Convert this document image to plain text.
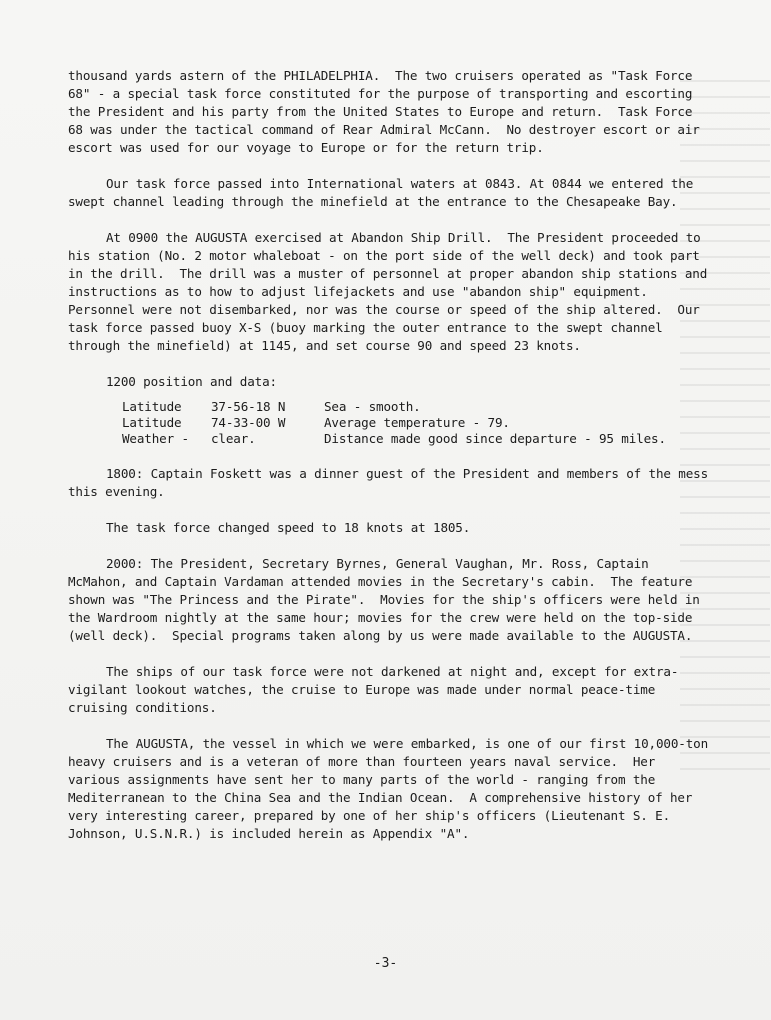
thousand yards astern of the PHILADELPHIA.  The two cruisers operated as "Task Force 68" - a special task force constituted for the purpose of transporting and escorting the President and his party from the United States to Europe and return.  Task Force 68 was under the tactical command of Rear Admiral McCann.  No destroyer escort or air escort was used for our voyage to Europe or for the return trip.

Our task force passed into International waters at 0843. At 0844 we entered the swept channel leading through the minefield at the entrance to the Chesapeake Bay.

At 0900 the AUGUSTA exercised at Abandon Ship Drill.  The President proceeded to his station (No. 2 motor whaleboat - on the port side of the well deck) and took part in the drill.  The drill was a muster of personnel at proper abandon ship stations and instructions as to how to adjust lifejackets and use "abandon ship" equipment.  Personnel were not disembarked, nor was the course or speed of the ship altered.  Our task force passed buoy X-S (buoy marking the outer entrance to the swept channel through the minefield) at 1145, and set course 90 and speed 23 knots.

1200 position and data:

Latitude	37-56-18 N	Sea - smooth.
Latitude	74-33-00 W	Average temperature - 79.
Weather -	clear.	Distance made good since departure - 95 miles.

1800: Captain Foskett was a dinner guest of the President and members of the mess this evening.

The task force changed speed to 18 knots at 1805.

2000: The President, Secretary Byrnes, General Vaughan, Mr. Ross, Captain McMahon, and Captain Vardaman attended movies in the Secretary's cabin.  The feature shown was "The Princess and the Pirate".  Movies for the ship's officers were held in the Wardroom nightly at the same hour; movies for the crew were held on the top-side (well deck).  Special programs taken along by us were made available to the AUGUSTA.

The ships of our task force were not darkened at night and, except for extra-vigilant lookout watches, the cruise to Europe was made under normal peace-time cruising conditions.

The AUGUSTA, the vessel in which we were embarked, is one of our first 10,000-ton heavy cruisers and is a veteran of more than fourteen years naval service.  Her various assignments have sent her to many parts of the world - ranging from the Mediterranean to the China Sea and the Indian Ocean.  A comprehensive history of her very interesting career, prepared by one of her ship's officers (Lieutenant S. E. Johnson, U.S.N.R.) is included herein as Appendix "A".

-3-
